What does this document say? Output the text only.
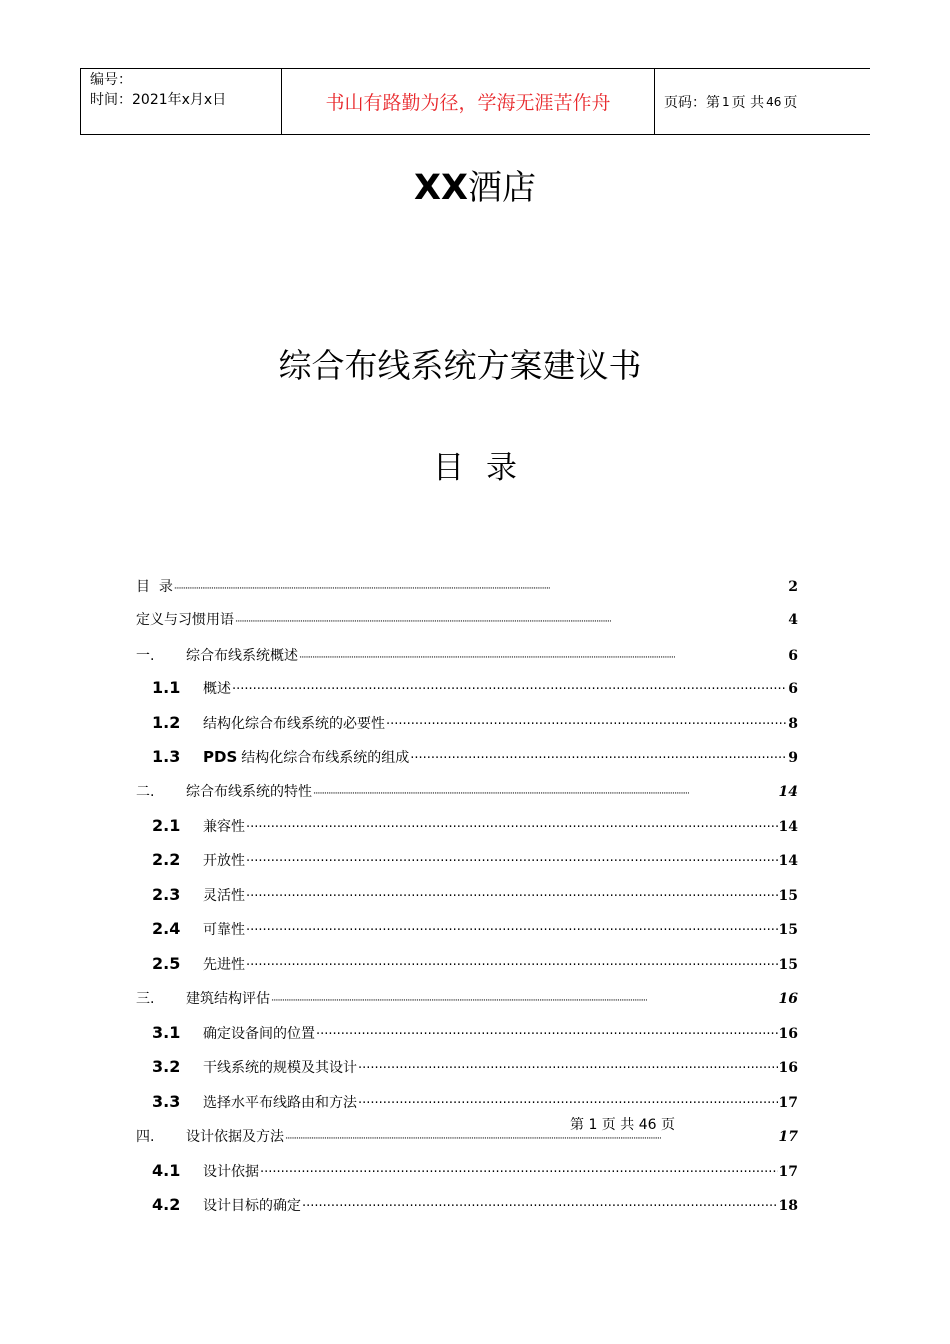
编号：
时间：2021年x月x日	书山有路勤为径，学海无涯苦作舟	页码：第 1 页 共 46 页
XX酒店
综合布线系统方案建议书
目录
目  录 ·····	2
定义与习惯用语 ·····	4
一.	综合布线系统概述 ·····	6
1.1	概述 ·····	6
1.2	结构化综合布线系统的必要性 ·····	8
1.3	PDS 结构化综合布线系统的组成 ·····	9
二.	综合布线系统的特性 ·····	14
2.1	兼容性 ·····	14
2.2	开放性 ·····	14
2.3	灵活性 ·····	15
2.4	可靠性 ·····	15
2.5	先进性 ·····	15
三.	建筑结构评估 ·····	16
3.1	确定设备间的位置 ·····	16
3.2	干线系统的规模及其设计 ·····	16
3.3	选择水平布线路由和方法 ·····	17
四.	设计依据及方法 ·····	17
4.1	设计依据 ·····	17
4.2	设计目标的确定 ·····	18
第 1 页 共 46 页
